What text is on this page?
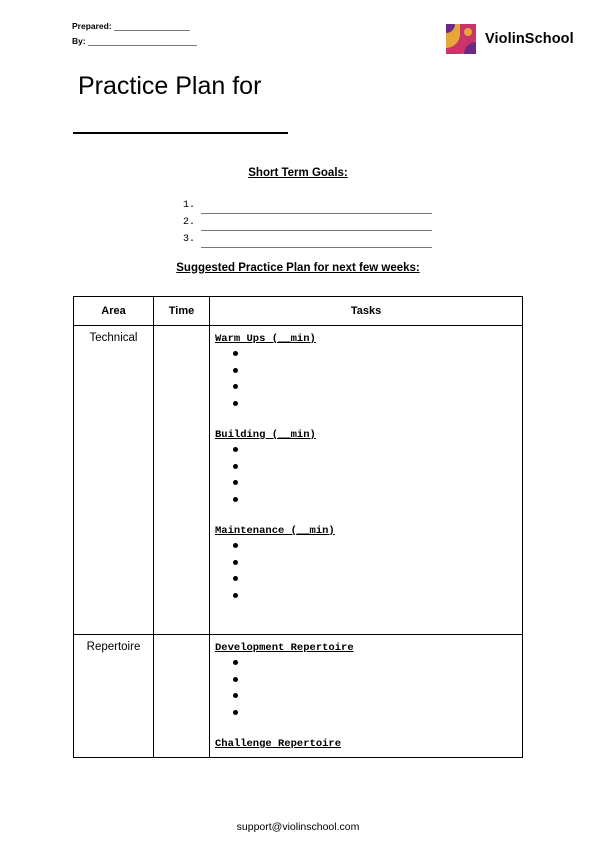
Prepared: ________________
By: _______________________	ViolinSchool
Practice Plan for
Short Term Goals:
1.
2.
3.
Suggested Practice Plan for next few weeks:
Area	Time	Tasks
Technical		Warm Ups (__min)
Building (__min)
Maintenance (__min)

Repertoire		Development Repertoire
Challenge Repertoire
support@violinschool.com
